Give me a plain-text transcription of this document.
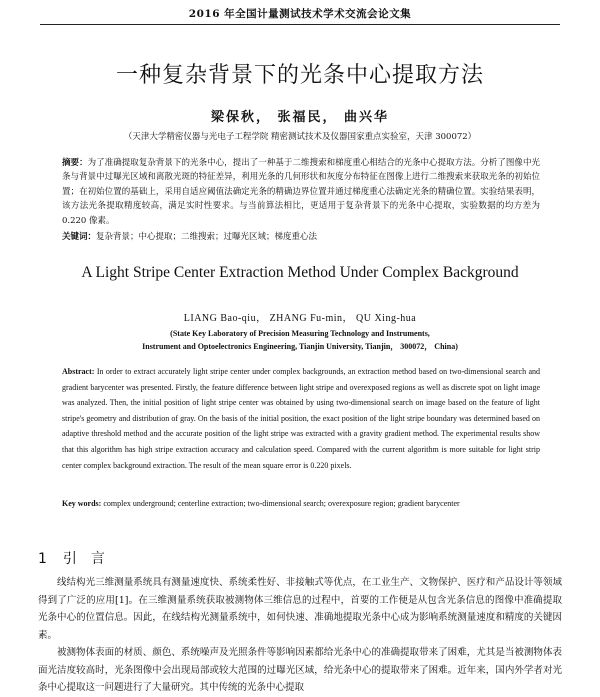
2016 年全国计量测试技术学术交流会论文集
一种复杂背景下的光条中心提取方法
梁保秋， 张福民， 曲兴华
（天津大学精密仪器与光电子工程学院 精密测试技术及仪器国家重点实验室，天津 300072）
摘要：为了准确提取复杂背景下的光条中心，提出了一种基于二维搜索和梯度重心相结合的光条中心提取方法。分析了图像中光条与背景中过曝光区域和离散光斑的特征差异，利用光条的几何形状和灰度分布特征在图像上进行二维搜索来获取光条的初始位置；在初始位置的基础上，采用自适应阈值法确定光条的精确边界位置并通过梯度重心法确定光条的精确位置。实验结果表明，该方法光条提取精度较高，满足实时性要求。与当前算法相比，更适用于复杂背景下的光条中心提取，实验数据的均方差为 0.220 像素。
关键词：复杂背景；中心提取；二维搜索；过曝光区域；梯度重心法
A Light Stripe Center Extraction Method Under Complex Background
LIANG Bao-qiu， ZHANG Fu-min， QU Xing-hua
(State Key Laboratory of Precision Measuring Technology and Instruments,
Instrument and Optoelectronics Engineering, Tianjin University, Tianjin， 300072， China)
Abstract: In order to extract accurately light stripe center under complex backgrounds, an extraction method based on two-dimensional search and gradient barycenter was presented. Firstly, the feature difference between light stripe and overexposed regions as well as discrete spot on light image was analyzed. Then, the initial position of light stripe center was obtained by using two-dimensional search on image based on the feature of light stripe's geometry and distribution of gray. On the basis of the initial position, the exact position of the light stripe boundary was determined based on adaptive threshold method and the accurate position of the light stripe was extracted with a gravity gradient method. The experimental results show that this algorithm has high stripe extraction accuracy and calculation speed. Compared with the current algorithm is more suitable for light strip center complex background extraction. The result of the mean square error is 0.220 pixels.
Key words: complex underground; centerline extraction; two-dimensional search; overexposure region; gradient barycenter
1 引言

线结构光三维测量系统具有测量速度快、系统柔性好、非接触式等优点，在工业生产、文物保护、医疗和产品设计等领域得到了广泛的应用[1]。在三维测量系统获取被测物体三维信息的过程中，首要的工作便是从包含光条信息的图像中准确提取光条中心的位置信息。因此，在线结构光测量系统中，如何快速、准确地提取光条中心成为影响系统测量速度和精度的关键因素。

被测物体表面的材质、颜色、系统噪声及光照条件等影响因素都给光条中心的准确提取带来了困难，尤其是当被测物体表面光洁度较高时，光条图像中会出现局部或较大范围的过曝光区域，给光条中心的提取带来了困难。近年来，国内外学者对光条中心提取这一问题进行了大量研究。其中传统的光条中心提取
